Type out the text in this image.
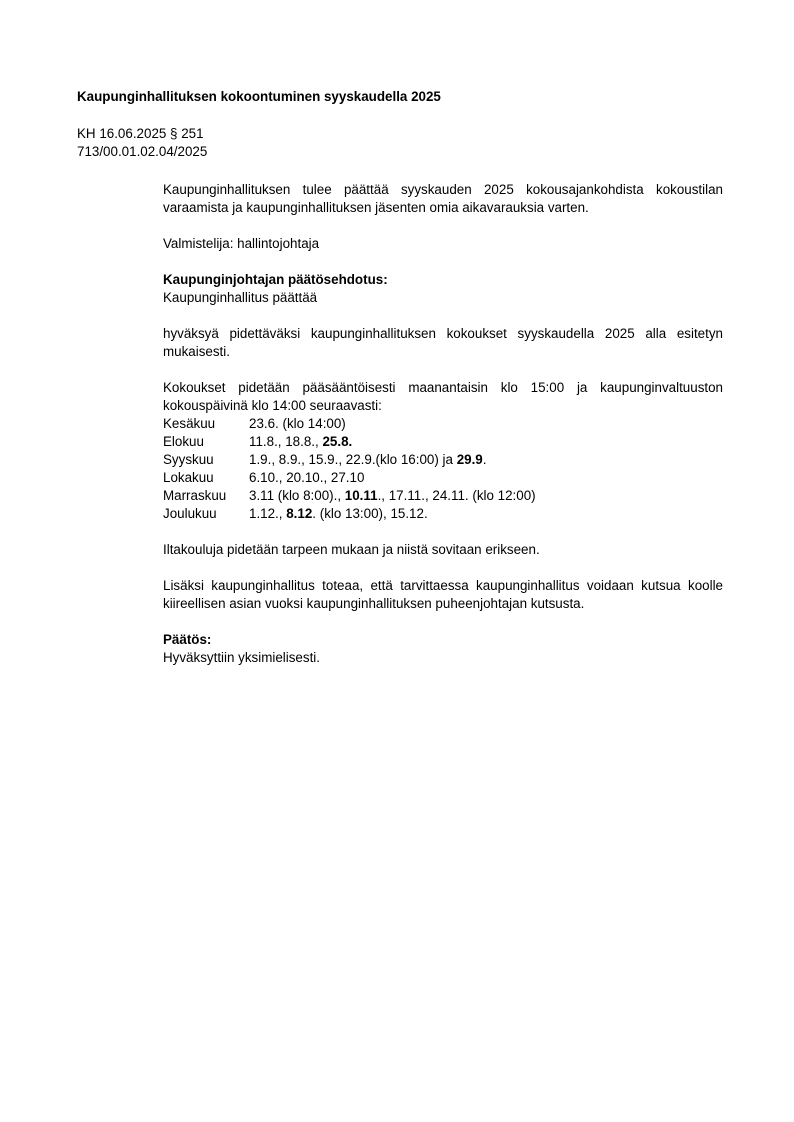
Kaupunginhallituksen kokoontuminen syyskaudella 2025
KH 16.06.2025 § 251
713/00.01.02.04/2025

Kaupunginhallituksen tulee päättää syyskauden 2025 kokousajankohdista kokoustilan varaamista ja kaupunginhallituksen jäsenten omia aikavarauksia varten.

Valmistelija: hallintojohtaja

Kaupunginjohtajan päätösehdotus:

Kaupunginhallitus päättää

hyväksyä pidettäväksi kaupunginhallituksen kokoukset syyskaudella 2025 alla esitetyn mukaisesti.

Kokoukset pidetään pääsääntöisesti maanantaisin klo 15:00 ja kaupunginvaltuuston kokouspäivinä klo 14:00 seuraavasti:

Kesäkuu	23.6. (klo 14:00)
Elokuu	11.8., 18.8., 25.8.
Syyskuu	1.9., 8.9., 15.9., 22.9.(klo 16:00) ja 29.9.
Lokakuu	6.10., 20.10., 27.10
Marraskuu	3.11 (klo 8:00)., 10.11., 17.11., 24.11. (klo 12:00)
Joulukuu	1.12., 8.12. (klo 13:00), 15.12.

Iltakouluja pidetään tarpeen mukaan ja niistä sovitaan erikseen.

Lisäksi kaupunginhallitus toteaa, että tarvittaessa kaupunginhallitus voidaan kutsua koolle kiireellisen asian vuoksi kaupunginhallituksen puheenjohtajan kutsusta.

Päätös:

Hyväksyttiin yksimielisesti.
